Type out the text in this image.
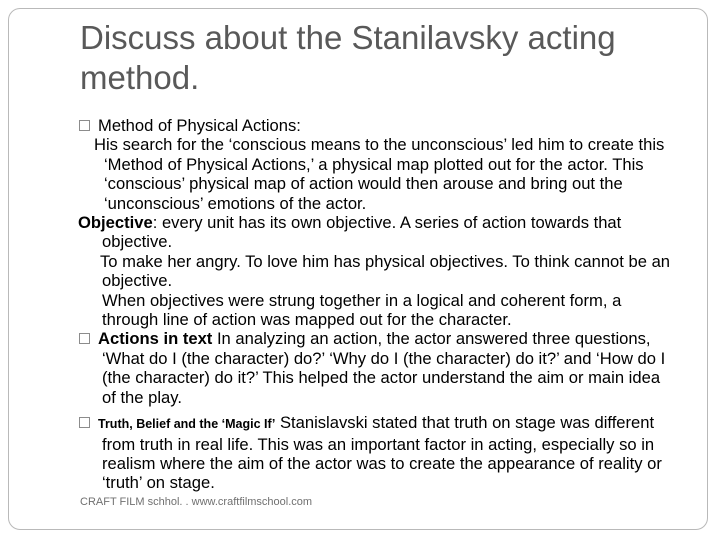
Discuss about the Stanilavsky acting method.

Method of Physical Actions:

His search for the ‘conscious means to the unconscious’ led him to create this ‘Method of Physical Actions,’ a physical map plotted out for the actor. This ‘conscious’ physical map of action would then arouse and bring out the ‘unconscious’ emotions of the actor.

Objective: every unit has its own objective. A series of action towards that objective.

To make her angry. To love him has physical objectives. To think cannot be an objective.

When objectives were strung together in a logical and coherent form, a through line of action was mapped out for the character.

Actions in text In analyzing an action, the actor answered three questions, ‘What do I (the character) do?’ ‘Why do I (the character) do it?’ and ‘How do I (the character) do it?’ This helped the actor understand the aim or main idea of the play.

Truth, Belief and the ‘Magic If’ Stanislavski stated that truth on stage was different from truth in real life. This was an important factor in acting, especially so in realism where the aim of the actor was to create the appearance of reality or ‘truth’ on stage.

CRAFT FILM schhol. . www.craftfilmschool.com
